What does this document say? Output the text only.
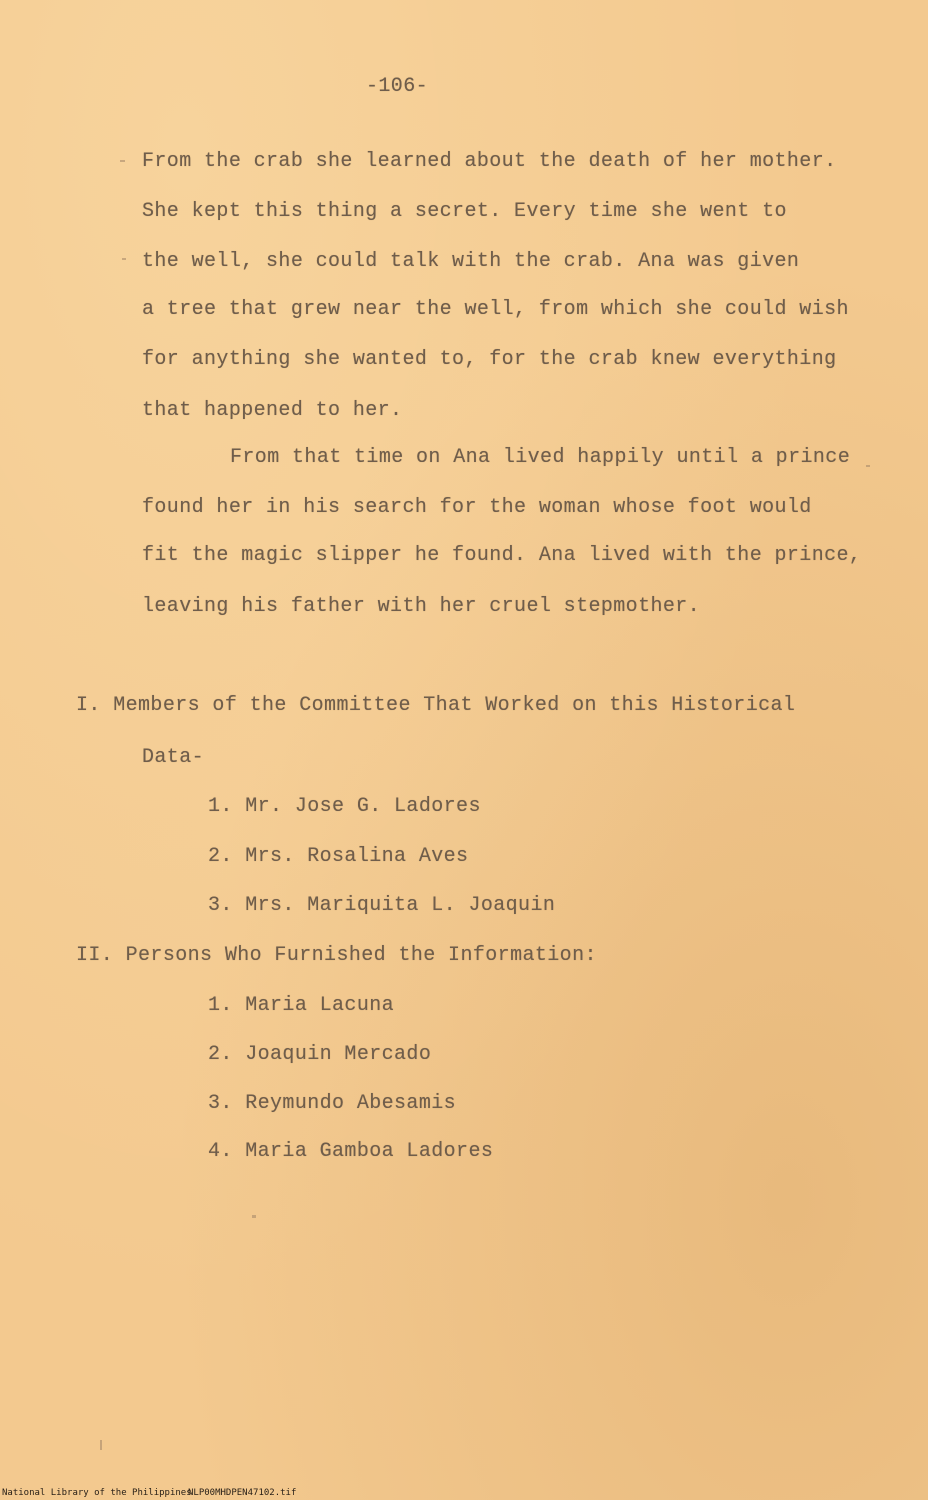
-106-
From the crab she learned about the death of her mother.
She kept this thing a secret. Every time she went to
the well, she could talk with the crab. Ana was given
a tree that grew near the well, from which she could wish
for anything she wanted to, for the crab knew everything
that happened to her.
From that time on Ana lived happily until a prince
found her in his search for the woman whose foot would
fit the magic slipper he found. Ana lived with the prince,
leaving his father with her cruel stepmother.
I. Members of the Committee That Worked on this Historical
Data-
1. Mr. Jose G. Ladores
2. Mrs. Rosalina Aves
3. Mrs. Mariquita L. Joaquin
II. Persons Who Furnished the Information:
1. Maria Lacuna
2. Joaquin Mercado
3. Reymundo Abesamis
4. Maria Gamboa Ladores
National Library of the Philippines
NLP00MHDPEN47102.tif
